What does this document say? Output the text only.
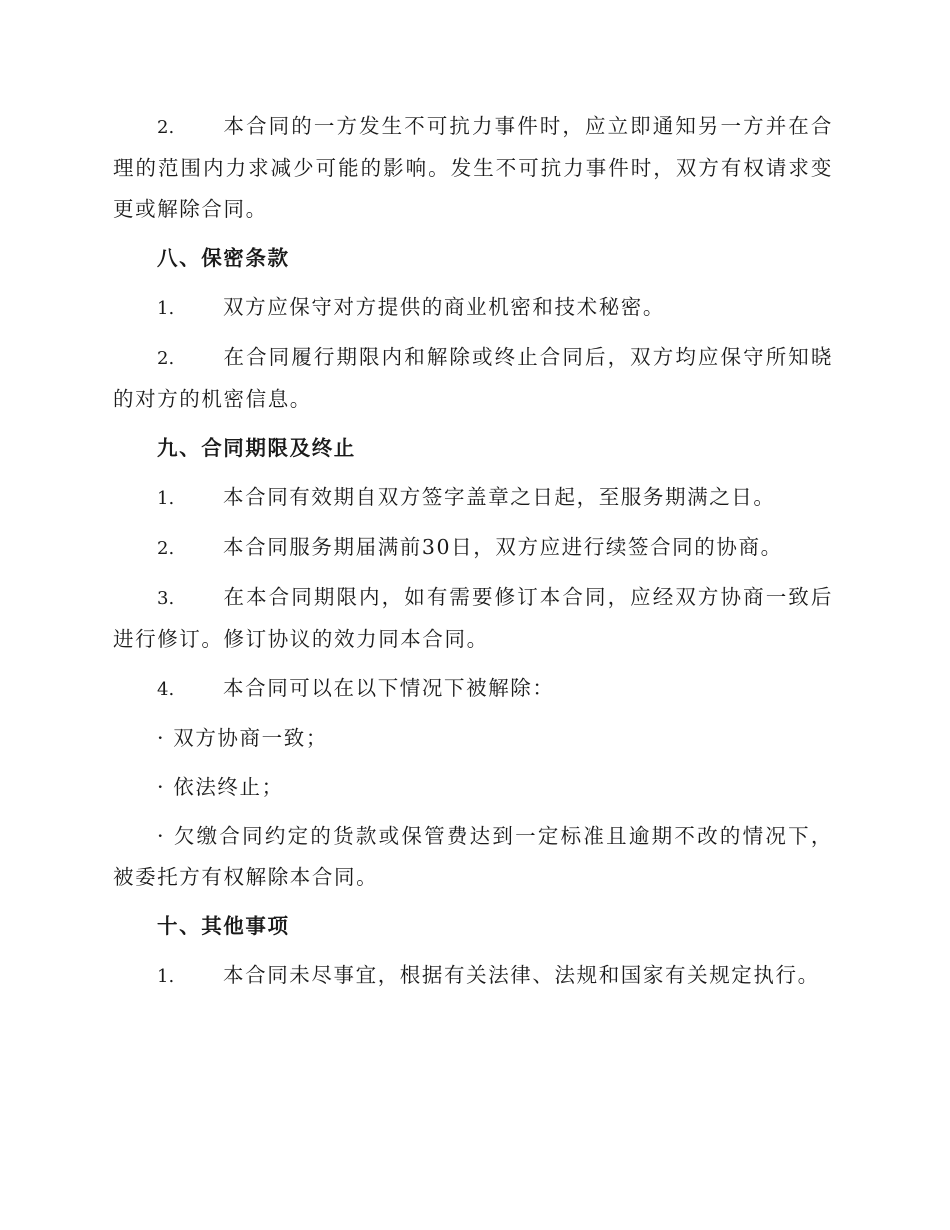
2. 本合同的一方发生不可抗力事件时，应立即通知另一方并在合理的范围内力求减少可能的影响。发生不可抗力事件时，双方有权请求变更或解除合同。

八、保密条款

1. 双方应保守对方提供的商业机密和技术秘密。

2. 在合同履行期限内和解除或终止合同后，双方均应保守所知晓的对方的机密信息。

九、合同期限及终止

1. 本合同有效期自双方签字盖章之日起，至服务期满之日。

2. 本合同服务期届满前30日，双方应进行续签合同的协商。

3. 在本合同期限内，如有需要修订本合同，应经双方协商一致后进行修订。修订协议的效力同本合同。

4. 本合同可以在以下情况下被解除：

· 双方协商一致；

· 依法终止；

· 欠缴合同约定的货款或保管费达到一定标准且逾期不改的情况下，被委托方有权解除本合同。

十、其他事项

1. 本合同未尽事宜，根据有关法律、法规和国家有关规定执行。
